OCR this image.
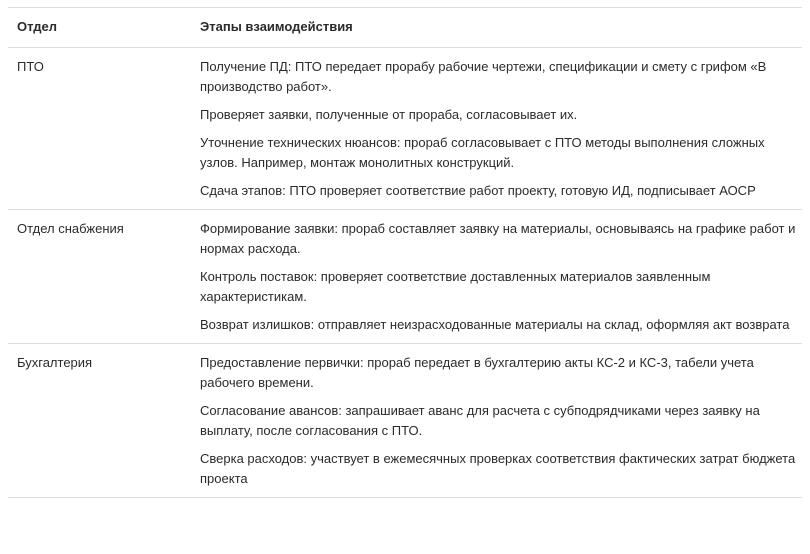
Отдел	Этапы взаимодействия
ПТО	Получение ПД: ПТО передает прорабу рабочие чертежи, спецификации и смету с грифом «В производство работ».

Проверяет заявки, полученные от прораба, согласовывает их.

Уточнение технических нюансов: прораб согласовывает с ПТО методы выполнения сложных узлов. Например, монтаж монолитных конструкций.

Сдача этапов: ПТО проверяет соответствие работ проекту, готовую ИД, подписывает АОСР

Отдел снабжения	Формирование заявки: прораб составляет заявку на материалы, основываясь на графике работ и нормах расхода.

Контроль поставок: проверяет соответствие доставленных материалов заявленным характеристикам.

Возврат излишков: отправляет неизрасходованные материалы на склад, оформляя акт возврата

Бухгалтерия	Предоставление первички: прораб передает в бухгалтерию акты КС-2 и КС-3, табели учета рабочего времени.

Согласование авансов: запрашивает аванс для расчета с субподрядчиками через заявку на выплату, после согласования с ПТО.

Сверка расходов: участвует в ежемесячных проверках соответствия фактических затрат бюджета проекта
